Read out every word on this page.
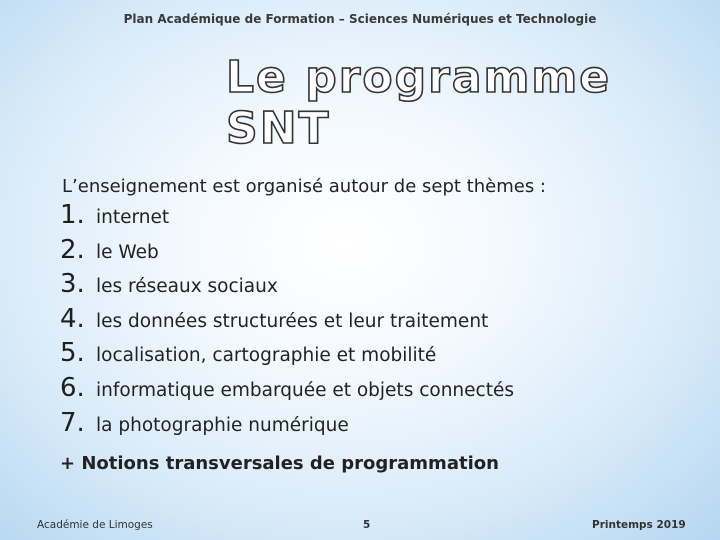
Plan Académique de Formation – Sciences Numériques et Technologie
Le programme SNT
L’enseignement est organisé autour de sept thèmes :
1. internet
2. le Web
3. les réseaux sociaux
4. les données structurées et leur traitement
5. localisation, cartographie et mobilité
6. informatique embarquée et objets connectés
7. la photographie numérique
+ Notions transversales de programmation
Académie de Limoges	5	Printemps 2019
